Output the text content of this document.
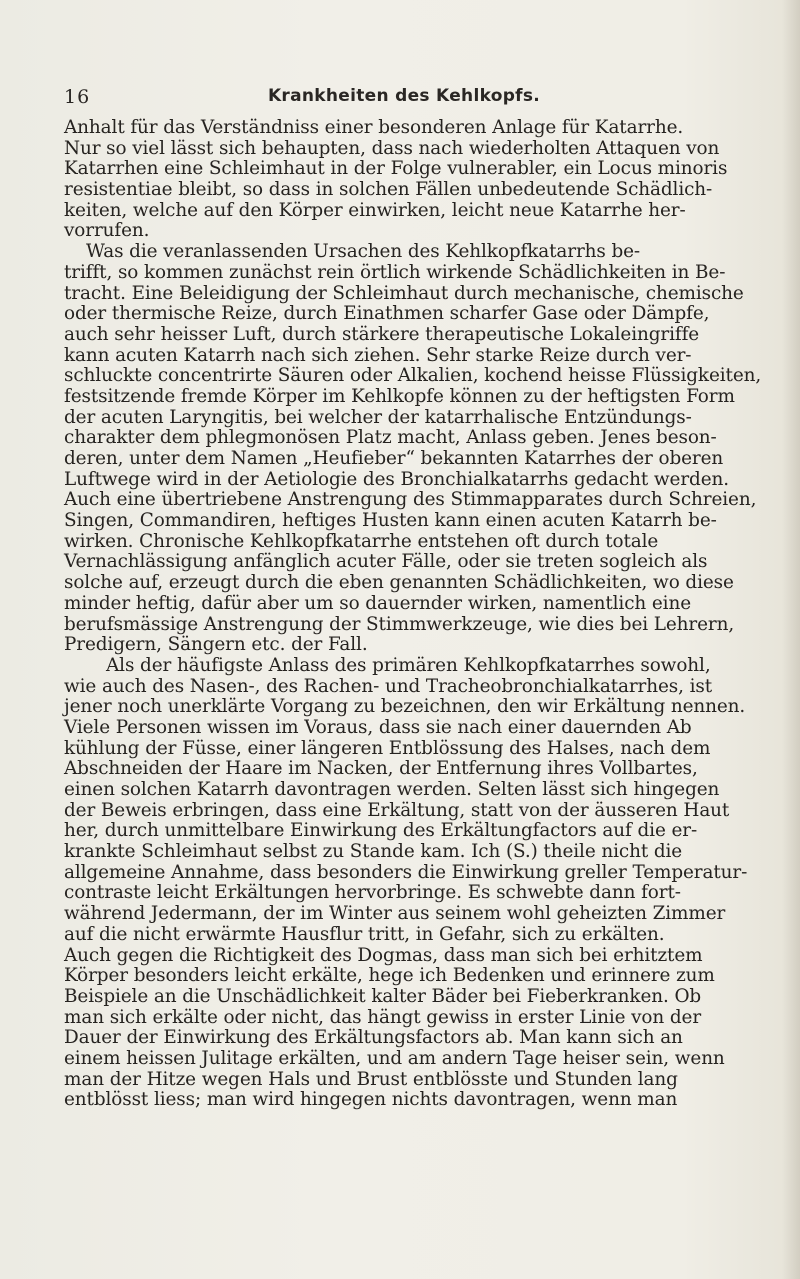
16	Krankheiten des Kehlkopfs.
Anhalt für das Verständniss einer besonderen Anlage für Katarrhe.
Nur so viel lässt sich behaupten, dass nach wiederholten Attaquen von
Katarrhen eine Schleimhaut in der Folge vulnerabler, ein Locus minoris
resistentiae bleibt, so dass in solchen Fällen unbedeutende Schädlich-
keiten, welche auf den Körper einwirken, leicht neue Katarrhe her-
vorrufen.
Was die veranlassenden Ursachen des Kehlkopfkatarrhs be-
trifft, so kommen zunächst rein örtlich wirkende Schädlichkeiten in Be-
tracht. Eine Beleidigung der Schleimhaut durch mechanische, chemische
oder thermische Reize, durch Einathmen scharfer Gase oder Dämpfe,
auch sehr heisser Luft, durch stärkere therapeutische Lokaleingriffe
kann acuten Katarrh nach sich ziehen. Sehr starke Reize durch ver-
schluckte concentrirte Säuren oder Alkalien, kochend heisse Flüssigkeiten,
festsitzende fremde Körper im Kehlkopfe können zu der heftigsten Form
der acuten Laryngitis, bei welcher der katarrhalische Entzündungs-
charakter dem phlegmonösen Platz macht, Anlass geben. Jenes beson-
deren, unter dem Namen „Heufieber“ bekannten Katarrhes der oberen
Luftwege wird in der Aetiologie des Bronchialkatarrhs gedacht werden.
Auch eine übertriebene Anstrengung des Stimmapparates durch Schreien,
Singen, Commandiren, heftiges Husten kann einen acuten Katarrh be-
wirken. Chronische Kehlkopfkatarrhe entstehen oft durch totale
Vernachlässigung anfänglich acuter Fälle, oder sie treten sogleich als
solche auf, erzeugt durch die eben genannten Schädlichkeiten, wo diese
minder heftig, dafür aber um so dauernder wirken, namentlich eine
berufsmässige Anstrengung der Stimmwerkzeuge, wie dies bei Lehrern,
Predigern, Sängern etc. der Fall.
Als der häufigste Anlass des primären Kehlkopfkatarrhes sowohl,
wie auch des Nasen-, des Rachen- und Tracheobronchialkatarrhes, ist
jener noch unerklärte Vorgang zu bezeichnen, den wir Erkältung nennen.
Viele Personen wissen im Voraus, dass sie nach einer dauernden Ab
kühlung der Füsse, einer längeren Entblössung des Halses, nach dem
Abschneiden der Haare im Nacken, der Entfernung ihres Vollbartes,
einen solchen Katarrh davontragen werden. Selten lässt sich hingegen
der Beweis erbringen, dass eine Erkältung, statt von der äusseren Haut
her, durch unmittelbare Einwirkung des Erkältungfactors auf die er-
krankte Schleimhaut selbst zu Stande kam. Ich (S.) theile nicht die
allgemeine Annahme, dass besonders die Einwirkung greller Temperatur-
contraste leicht Erkältungen hervorbringe. Es schwebte dann fort-
während Jedermann, der im Winter aus seinem wohl geheizten Zimmer
auf die nicht erwärmte Hausflur tritt, in Gefahr, sich zu erkälten.
Auch gegen die Richtigkeit des Dogmas, dass man sich bei erhitztem
Körper besonders leicht erkälte, hege ich Bedenken und erinnere zum
Beispiele an die Unschädlichkeit kalter Bäder bei Fieberkranken. Ob
man sich erkälte oder nicht, das hängt gewiss in erster Linie von der
Dauer der Einwirkung des Erkältungsfactors ab. Man kann sich an
einem heissen Julitage erkälten, und am andern Tage heiser sein, wenn
man der Hitze wegen Hals und Brust entblösste und Stunden lang
entblösst liess; man wird hingegen nichts davontragen, wenn man
